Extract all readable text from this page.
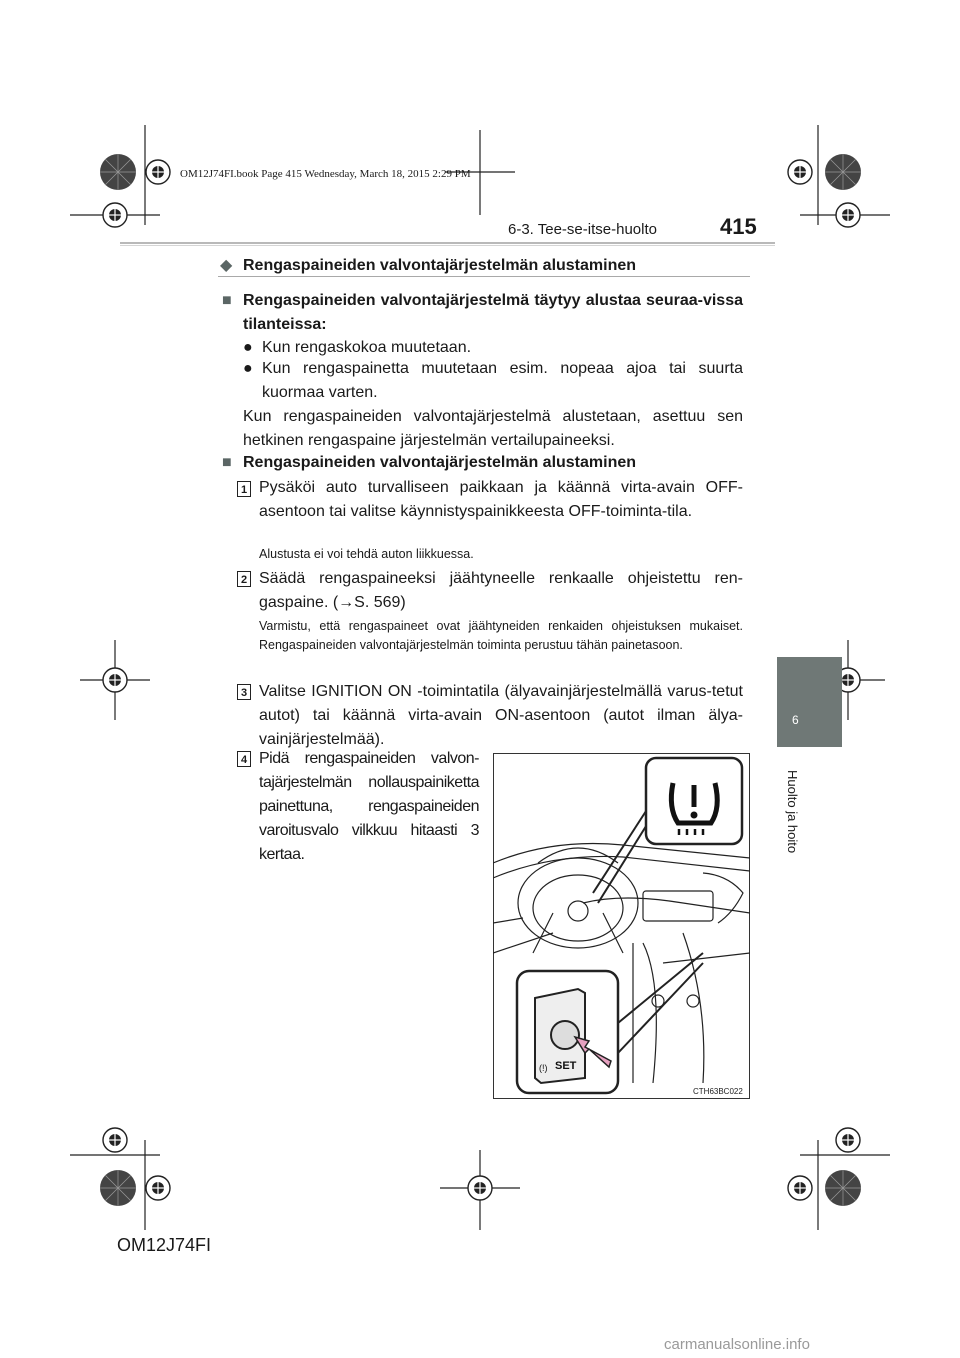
OM12J74FI.book Page 415 Wednesday, March 18, 2015 2:29 PM
6-3. Tee-se-itse-huolto	415
6
Huolto ja hoito
◆ Rengaspaineiden valvontajärjestelmän alustaminen
■ Rengaspaineiden valvontajärjestelmä täytyy alustaa seuraa-vissa tilanteissa:
● Kun rengaskokoa muutetaan.
● Kun rengaspainetta muutetaan esim. nopeaa ajoa tai suurta kuormaa varten.
Kun rengaspaineiden valvontajärjestelmä alustetaan, asettuu sen hetkinen rengaspaine järjestelmän vertailupaineeksi.
■ Rengaspaineiden valvontajärjestelmän alustaminen
1 Pysäköi auto turvalliseen paikkaan ja käännä virta-avain OFF-asentoon tai valitse käynnistyspainikkeesta OFF-toiminta-tila.
Alustusta ei voi tehdä auton liikkuessa.
2 Säädä rengaspaineeksi jäähtyneelle renkaalle ohjeistettu ren-gaspaine. (→S. 569)
Varmistu, että rengaspaineet ovat jäähtyneiden renkaiden ohjeistuksen mukaiset. Rengaspaineiden valvontajärjestelmän toiminta perustuu tähän painetasoon.
3 Valitse IGNITION ON -toimintatila (älyavainjärjestelmällä varus-tetut autot) tai käännä virta-avain ON-asentoon (autot ilman älya-vainjärjestelmää).
4 Pidä rengaspaineiden valvon-tajärjestelmän nollauspainiketta painettuna, rengaspaineiden varoitusvalo vilkkuu hitaasti 3 kertaa.
SET
(!)
CTH63BC022
OM12J74FI
carmanualsonline.info
